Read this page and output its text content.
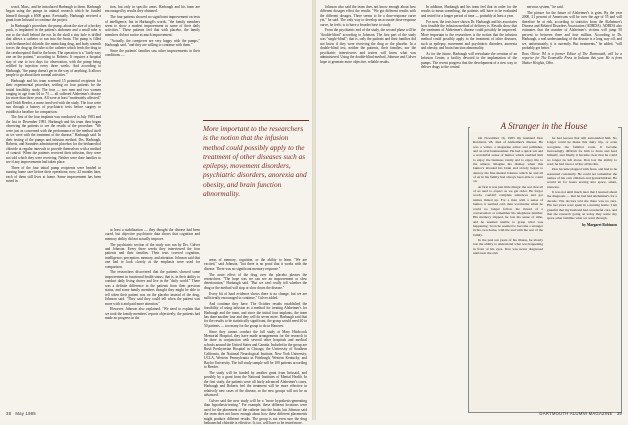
wood, Mass., and he introduced Harbaugh to them. Harbaugh began using the pumps in animal research which he funded himself through a $500 grant. Eventually, Harbaugh received a grant from Infusaid to continue the project.

In Harbaugh's procedure, the pump, about the size of a hockey puck, is implanted in the patient's abdomen and a small tube is run to the skull behind the ear. In the skull a tiny hole is drilled that allows a catheter to run into the brain. The pump is filled with bethanechol chloride, the mimicking drug, and body warmth forces the drug up the tube to the catheter which feeds the drug to the cerebrospinal fluid in the brain. The operation is a "fairly easy one on the patient," according to Roberts. It requires a hospital stay of one to two days for observation, with the pump being refilled by injection every three weeks. And according to Harbaugh, "the pump doesn't get in the way of anything. It allows people to go about their normal activities."

Harbaugh and his team screened 15 potential recipients for their experimental procedure, settling on four patients for the initial feasibility study. The four — two men and two women ranging in age from 64 to 73 — all suffered Alzheimer's disease for more than three years. All were at least "moderately affected," said Teddi Reeder, a nurse involved with the study. The four were run through a battery of psychiatric tests before surgery to establish a baseline for comparison.

The first of the four implants was conducted in July 1983 and the last in December 1983. Harbaugh and his team then began observing the patients to see the results of the procedure. "We were just as concerned with the performance of the method itself as we were with the treatment of the disease," Harbaugh said. In their testing of the pumps and infusion method, Drs. Harbaugh, Roberts, and Saunders administered placebos for the bethanechol chloride at regular intervals to provide themselves with a method of control. When the patients received their infusion, they were not told which they were receiving. Neither were their families to see if any improvements had taken place.

Three of the four initial pump recipients were headed to nursing home care before their operations; now, 22 months later, each of them still lives at home. Some improvement has been noted in

tion, but only in specific areas. Harbaugh and his team are encouraged by results they obtained.

The four patients showed no significant improvement on tests of intelligence, but in Harbaugh's words, "the family members seem to show a modest improvement in some of their daily activities." These patients feel that with placebo, the family members did not notice as much improvement.

"Actually, the caregivers are very happy with the pumps," Harbaugh said, "and they are willing to continue with them."

Since the patients' families saw other improvements in their conditions —

at least a stabilization — they thought the disease had been cured, but objective psychiatric data shows that cognition and memory ability did not actually improve.

The psychiatric section of the study was run by Drs. Culver and Johnson. Every three weeks they interviewed the four patients and their families. Their tests covered cognition, intelligence, perception, memory, and attention. Johnson said that one had to look closely at the emphasis were used for comparison.

The researchers discovered that the patients showed some improvement in functional health status; that is, in their ability to conduct daily living chores and live in the "daily world." There was a definite difference in the patients from their previous status, and some family members thought they might be able to tell when their patient was on the placebo instead of the drug, Johnson said. "They said they could tell when the patient was more with it and paid more attention."

However, Johnson also explained, "We need to explain that we took the family members' reports objectively; the patients had made no progress in the

More important to the researchers is the notion that the infusion method could possibly apply to the treatment of other diseases such as epilepsy, movement disorders, psychiatric disorders, anorexia and obesity, and brain function abnormality.

areas of memory, cognition, or the ability to learn. "We are excited," said Johnson, "but there is no proof that it works with the disease. There was no significant memory response."

The acute effect of the drug over the placebo pleases the researchers. "The hope was we can see an improvement or slow deterioration," Harbaugh said. "But we can't really tell whether the drug or the method will stop or slow down the disease."

Every bit of hard evidence shows there is no change, but we are sufficiently encouraged to continue," Culver added.

And continue they have. The October results established the feasibility of using infusion as a method for treating Alzheimer's for Harbaugh and the team, and since the initial four implants, the team has done another four and they will do seven more. Harbaugh said that for the results to be statistically significant, the group would need 40 to 50 patients — too many for the group to do in Hanover.

Since they cannot conduct the full study at Mary Hitchcock Memorial Hospital, they have made arrangements for the research to be done in conjunction with several other hospitals and medical schools around the United States and Canada. Included in the group are Rush Presbyterian Hospital in Chicago, the University of Southern California, the National Neurological Institute, New York University, UCLA, Western Pennsylvania in Pittsburgh, Western Kentucky, and Baylor University. The full study sample will be 100 patients according to Reeder.

The study will be funded by another grant from Infusaid, and possibly by a grant from the National Institutes of Mental Health. In the first study, the patients were all fairly advanced Alzheimer's cases. Harbaugh and Roberts feel the treatment will be more effective in relatively new cases of the disease, so the new groups will not be as advanced.

Culver said the new study will be a "more hypothesis-generating than hypothesis-testing." For example, these different locations were used for the placement of the catheter into the brain, but Johnson said the team does not know enough about how these different placements might produce different results. The group is not even sure the drug bethanechol chloride is effective. It, too, will have to be tested more.

Johnson also said the team does not know enough about how different dosages effect the results. "We got different results with the different dosages. There seems to be a dose-response curve yet," he said. The only way to develop an accurate dose-response curve, he feels, is to have a broader base to study.

From the psychiatric end of the study, the second phase will be "double-blind" according to Johnson. The first part of the study was "single-blind"; that is, only the patients and their families did not know if they were receiving the drug or the placebo. In a double-blind test, neither the patients, their families, nor the psychiatric interviewers and testers will know what was administered. Using the double-blind method, Johnson and Culver hope to generate more objective, reliable results.

In addition, Harbaugh and his team feel that in order for the results to mean something, the patients will have to be evaluated and tested for a longer period of time — probably at least a year.

For now, the tests have shown Dr. Harbaugh and his associates how feasible the infusion method of delivery is. Results show that the treatment of Alzheimer's disease could possibly be improved. More important to the researchers is the notion that the infusion method could possibly apply to the treatment of other diseases, such as epilepsy, movement and psychiatric disorders, anorexia and obesity, and brain function abnormality.

As for the future, Harbaugh will reevaluate the creation of an Infusion Center, a facility devoted to the implantation of the pumps. The recent progress that the development of a new way to deliver drugs to the central

nervous system," he said.

The picture for the future of Alzheimer's is grim. By the year 2000, 21 percent of Americans will be over the age of 55 and will therefore be at risk, according to statistics from the Alzheimer's Disease and Related Disorders Association (ADRDA). ADRDA also estimates that the number of Alzheimer's victims will jump 50 percent to between three and four million. According to Dr. Harbaugh, a real understanding of the disease is a long way off, and we, unfortunately, it is currently. But treatments," he added, "will probably get better."

Ross Oliver '84 is a former Editor of The Dartmouth, will be a reporter for The Evansville Press in Indiana this year. He is from Shaker Heights, Ohio.

A Stranger in the House

On November 16, 1983 my husband Don Robinson '28, died of Alzheimer's disease. He was a writer, a magazine editor and publisher, and an avid businessman. He had a quick wit and a wonderful sense of humor which enabled him to enjoy the business vanity and to enjoy life to the utmost. Imagine his dismay when this humor's invaded his brain and slowly began to destroy the fine mental balance which he and all of us in his family had always been able to count on.

At first it was just little things: the sort that all of us tend to expect as we get older. He forgot words, couldn't complete sentences and got names mixed up. For a man with a sense of humor, it seemed odd, then worrisome when he could no longer follow the thread of a conversation or remember his telephone number. His memory slipped, he lost his sense of time, and he seemed unable to grasp what was happening. Soon he seemed to become a stranger in his own home, with me and with the rest of the family.

In the past ten years of his illness, he slowly lost the ability to understand what was happening in front of his eyes. Don was never diagnosed until near the end.

he had known that still surrounded him. No longer could he make this daily trip, or even recognize the familiar route. It became increasingly difficult for him to dress and feed himself, and finally it became clear that he could no longer be left alone. Don lost the ability to read; he had been a writer all his life.

Don became plagued with fears, and had to be reassured constantly. He could not remember the names of his own children and grandchildren. He would sit for hours staring into space, silent, unaware.

It was not until much later that I learned about the diagnosis — that he had had Alzheimer's for a decade. The doctors told me there was no cure. His last years were spent in a nursing home. I am grateful that my husband had wonderful care, and that the research going on today may some day spare other families what we went through.

by Margaret Robinson
38 May 1985	DARTMOUTH ALUMNI MAGAZINE 39
